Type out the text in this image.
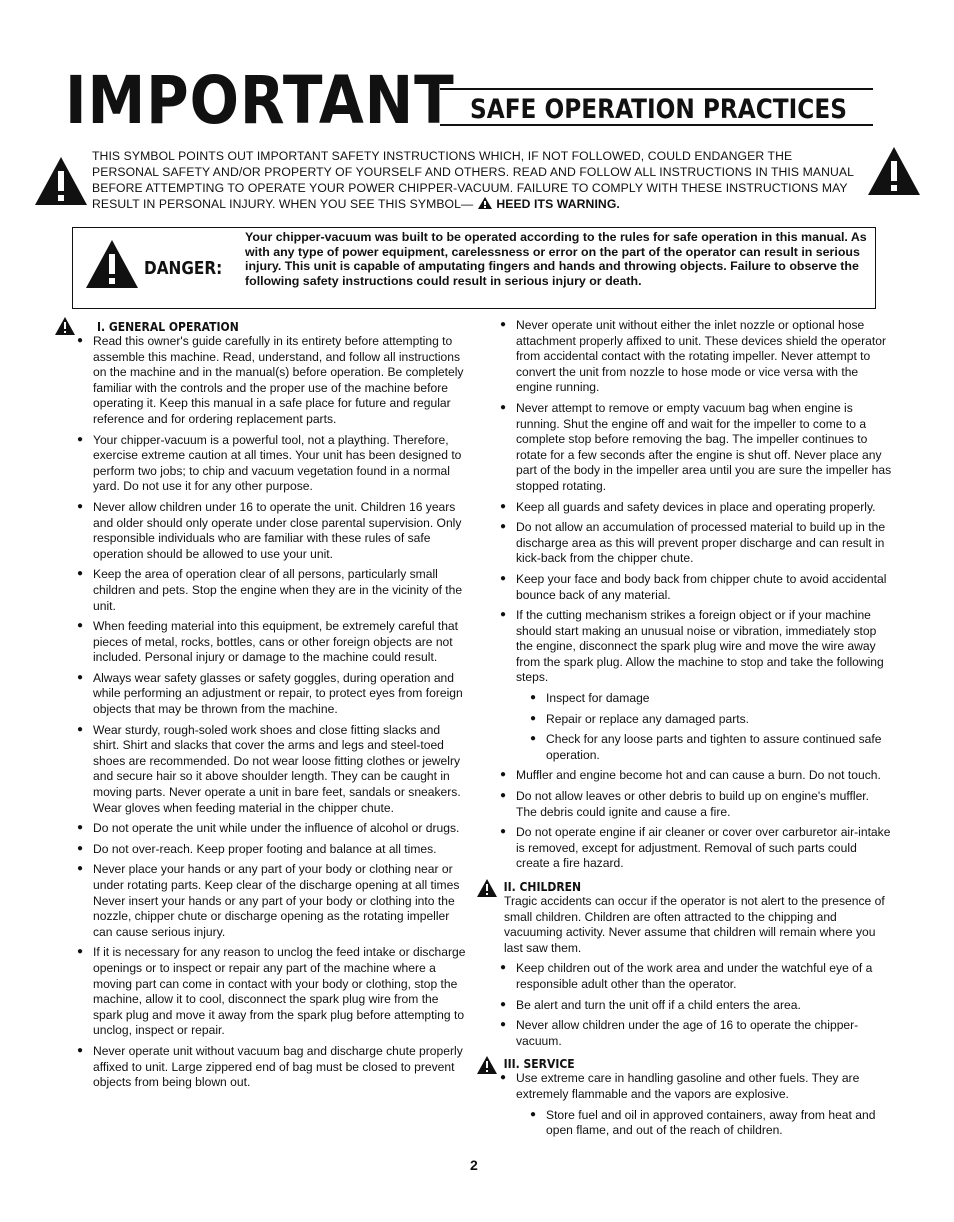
IMPORTANT SAFE OPERATION PRACTICES
THIS SYMBOL POINTS OUT IMPORTANT SAFETY INSTRUCTIONS WHICH, IF NOT FOLLOWED, COULD ENDANGER THE PERSONAL SAFETY AND/OR PROPERTY OF YOURSELF AND OTHERS. READ AND FOLLOW ALL INSTRUCTIONS IN THIS MANUAL BEFORE ATTEMPTING TO OPERATE YOUR POWER CHIPPER-VACUUM. FAILURE TO COMPLY WITH THESE INSTRUCTIONS MAY RESULT IN PERSONAL INJURY. WHEN YOU SEE THIS SYMBOL— HEED ITS WARNING.
DANGER:
Your chipper-vacuum was built to be operated according to the rules for safe operation in this manual. As with any type of power equipment, carelessness or error on the part of the operator can result in serious injury. This unit is capable of amputating fingers and hands and throwing objects. Failure to observe the following safety instructions could result in serious injury or death.
I. GENERAL OPERATION
● Read this owner's guide carefully in its entirety before attempting to assemble this machine. Read, understand, and follow all instructions on the machine and in the manual(s) before operation. Be completely familiar with the controls and the proper use of the machine before operating it. Keep this manual in a safe place for future and regular reference and for ordering replacement parts.
● Your chipper-vacuum is a powerful tool, not a plaything. Therefore, exercise extreme caution at all times. Your unit has been designed to perform two jobs; to chip and vacuum vegetation found in a normal yard. Do not use it for any other purpose.
● Never allow children under 16 to operate the unit. Children 16 years and older should only operate under close parental supervision. Only responsible individuals who are familiar with these rules of safe operation should be allowed to use your unit.
● Keep the area of operation clear of all persons, particularly small children and pets. Stop the engine when they are in the vicinity of the unit.
● When feeding material into this equipment, be extremely careful that pieces of metal, rocks, bottles, cans or other foreign objects are not included. Personal injury or damage to the machine could result.
● Always wear safety glasses or safety goggles, during operation and while performing an adjustment or repair, to protect eyes from foreign objects that may be thrown from the machine.
● Wear sturdy, rough-soled work shoes and close fitting slacks and shirt. Shirt and slacks that cover the arms and legs and steel-toed shoes are recommended. Do not wear loose fitting clothes or jewelry and secure hair so it above shoulder length. They can be caught in moving parts. Never operate a unit in bare feet, sandals or sneakers. Wear gloves when feeding material in the chipper chute.
● Do not operate the unit while under the influence of alcohol or drugs.
● Do not over-reach. Keep proper footing and balance at all times.
● Never place your hands or any part of your body or clothing near or under rotating parts. Keep clear of the discharge opening at all times Never insert your hands or any part of your body or clothing into the nozzle, chipper chute or discharge opening as the rotating impeller can cause serious injury.
● If it is necessary for any reason to unclog the feed intake or discharge openings or to inspect or repair any part of the machine where a moving part can come in contact with your body or clothing, stop the machine, allow it to cool, disconnect the spark plug wire from the spark plug and move it away from the spark plug before attempting to unclog, inspect or repair.
● Never operate unit without vacuum bag and discharge chute properly affixed to unit. Large zippered end of bag must be closed to prevent objects from being blown out.
● Never operate unit without either the inlet nozzle or optional hose attachment properly affixed to unit. These devices shield the operator from accidental contact with the rotating impeller. Never attempt to convert the unit from nozzle to hose mode or vice versa with the engine running.
● Never attempt to remove or empty vacuum bag when engine is running. Shut the engine off and wait for the impeller to come to a complete stop before removing the bag. The impeller continues to rotate for a few seconds after the engine is shut off. Never place any part of the body in the impeller area until you are sure the impeller has stopped rotating.
● Keep all guards and safety devices in place and operating properly.
● Do not allow an accumulation of processed material to build up in the discharge area as this will prevent proper discharge and can result in kick-back from the chipper chute.
● Keep your face and body back from chipper chute to avoid accidental bounce back of any material.
● If the cutting mechanism strikes a foreign object or if your machine should start making an unusual noise or vibration, immediately stop the engine, disconnect the spark plug wire and move the wire away from the spark plug. Allow the machine to stop and take the following steps.
● Inspect for damage
● Repair or replace any damaged parts.
● Check for any loose parts and tighten to assure continued safe operation.
● Muffler and engine become hot and can cause a burn. Do not touch.
● Do not allow leaves or other debris to build up on engine's muffler. The debris could ignite and cause a fire.
● Do not operate engine if air cleaner or cover over carburetor air-intake is removed, except for adjustment. Removal of such parts could create a fire hazard.
II. CHILDREN

Tragic accidents can occur if the operator is not alert to the presence of small children. Children are often attracted to the chipping and vacuuming activity. Never assume that children will remain where you last saw them.

● Keep children out of the work area and under the watchful eye of a responsible adult other than the operator.
● Be alert and turn the unit off if a child enters the area.
● Never allow children under the age of 16 to operate the chipper-vacuum.
III. SERVICE
● Use extreme care in handling gasoline and other fuels. They are extremely flammable and the vapors are explosive.
● Store fuel and oil in approved containers, away from heat and open flame, and out of the reach of children.
2
